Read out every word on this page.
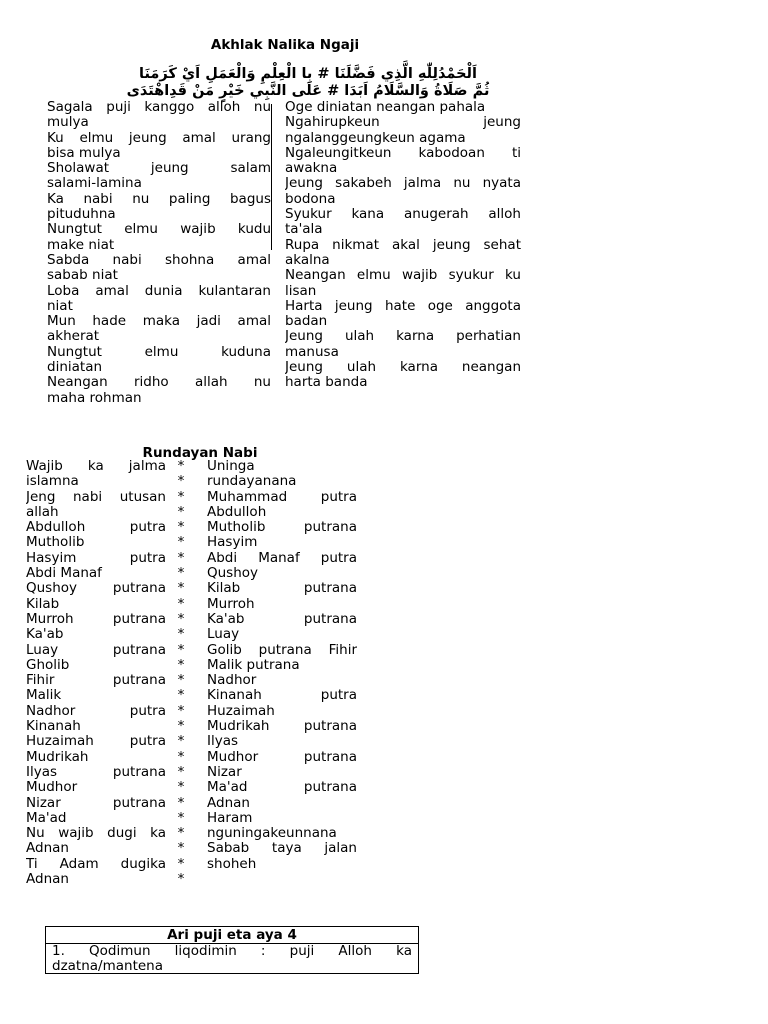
Akhlak Nalika Ngaji
اَلْحَمْدُلِلّٰهِ الَّذِي فَضَّلَنَا # بِا الْعِلْمِ وَالْعَمَلِ اَيْ كَرَمَنَا
ثُمَّ صَلَاةُ وَالسَّلَامُ اَبَدَا # عَلَى النَّبِي خَيْرٍ مَنْ قَدِاهْتَدَى
Sagala puji kanggo alloh nu
mulya
Ku elmu jeung amal urang
bisa mulya
Sholawat jeung salam
salami-lamina
Ka nabi nu paling bagus
pituduhna
Nungtut elmu wajib kudu
make niat
Sabda nabi shohna amal
sabab niat
Loba amal dunia kulantaran
niat
Mun hade maka jadi amal
akherat
Nungtut elmu kuduna
diniatan
Neangan ridho allah nu
maha rohman
Oge diniatan neangan pahala
Ngahirupkeun jeung
ngalanggeungkeun agama
Ngaleungitkeun kabodoan ti
awakna
Jeung sakabeh jalma nu nyata
bodona
Syukur kana anugerah alloh
ta'ala
Rupa nikmat akal jeung sehat
akalna
Neangan elmu wajib syukur ku
lisan
Harta jeung hate oge anggota
badan
Jeung ulah karna perhatian
manusa
Jeung ulah karna neangan
harta banda
Rundayan Nabi
Wajib ka jalma
islamna
Jeng nabi utusan
allah
Abdulloh putra
Mutholib
Hasyim putra
Abdi Manaf
Qushoy putrana
Kilab
Murroh putrana
Ka'ab
Luay putrana
Gholib
Fihir putrana
Malik
Nadhor putra
Kinanah
Huzaimah putra
Mudrikah
Ilyas putrana
Mudhor
Nizar putrana
Ma'ad
Nu wajib dugi ka
Adnan
Ti Adam dugika
Adnan
*
*
*
*
*
*
*
*
*
*
*
*
*
*
*
*
*
*
*
*
*
*
*
*
*
*
*
*
Uninga
rundayanana
Muhammad putra
Abdulloh
Mutholib putrana
Hasyim
Abdi Manaf putra
Qushoy
Kilab putrana
Murroh
Ka'ab putrana
Luay
Golib putrana Fihir
Malik putrana
Nadhor
Kinanah putra
Huzaimah
Mudrikah putrana
Ilyas
Mudhor putrana
Nizar
Ma'ad putrana
Adnan
Haram
nguningakeunnana
Sabab taya jalan
shoheh
Ari puji eta aya 4
1. Qodimun liqodimin : puji Alloh ka
dzatna/mantena
